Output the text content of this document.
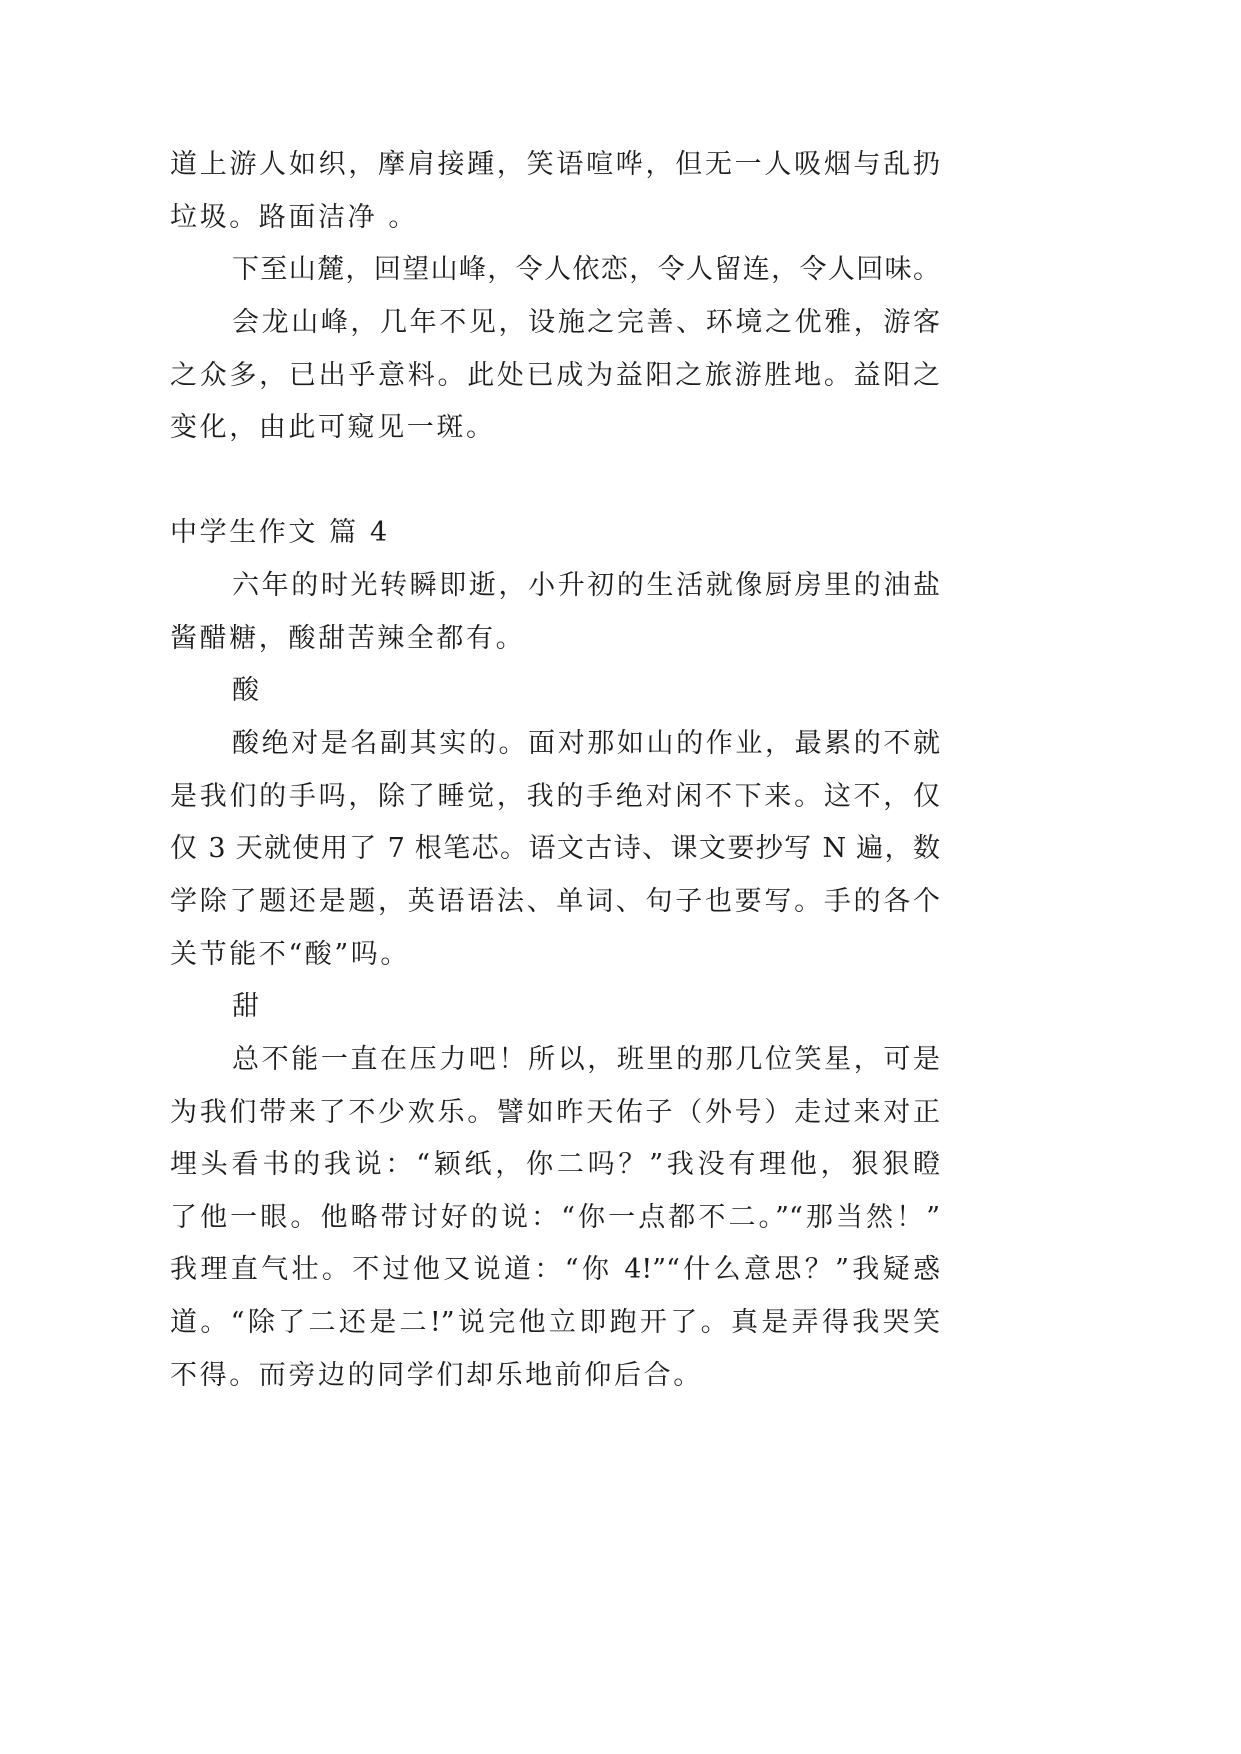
道上游人如织，摩肩接踵，笑语喧哗，但无一人吸烟与乱扔
垃圾。路面洁净 。
下至山麓，回望山峰，令人依恋，令人留连，令人回味。
会龙山峰，几年不见，设施之完善、环境之优雅，游客
之众多，已出乎意料。此处已成为益阳之旅游胜地。益阳之
变化，由此可窥见一斑。
中学生作文 篇 4
六年的时光转瞬即逝，小升初的生活就像厨房里的油盐
酱醋糖，酸甜苦辣全都有。
酸
酸绝对是名副其实的。面对那如山的作业，最累的不就
是我们的手吗，除了睡觉，我的手绝对闲不下来。这不，仅
仅 3 天就使用了 7 根笔芯。语文古诗、课文要抄写 N 遍，数
学除了题还是题，英语语法、单词、句子也要写。手的各个
关节能不“酸”吗。
甜
总不能一直在压力吧！所以，班里的那几位笑星，可是
为我们带来了不少欢乐。譬如昨天佑子（外号）走过来对正
埋头看书的我说：“颖纸，你二吗？”我没有理他，狠狠瞪
了他一眼。他略带讨好的说：“你一点都不二。”“那当然！”
我理直气壮。不过他又说道：“你 4!”“什么意思？”我疑惑
道。“除了二还是二!”说完他立即跑开了。真是弄得我哭笑
不得。而旁边的同学们却乐地前仰后合。
